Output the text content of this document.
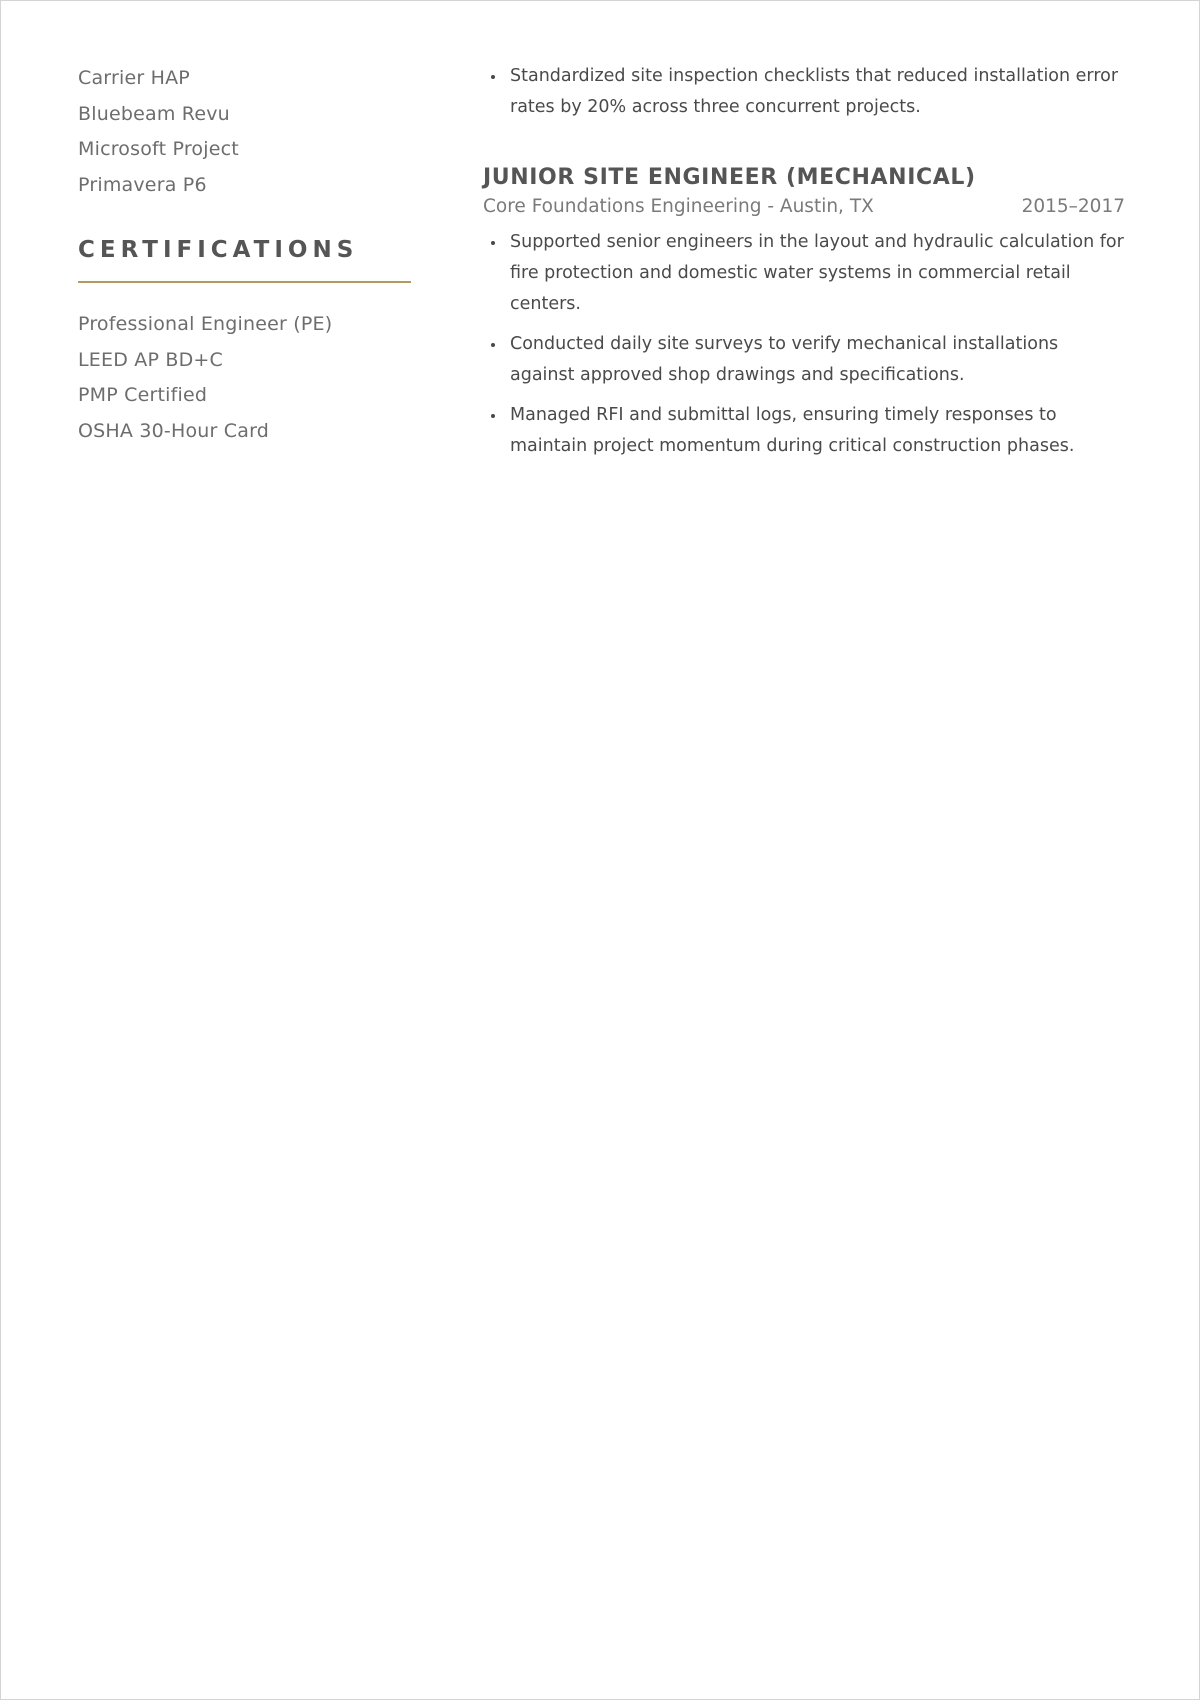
Carrier HAP
Bluebeam Revu
Microsoft Project
Primavera P6
CERTIFICATIONS
Professional Engineer (PE)
LEED AP BD+C
PMP Certified
OSHA 30-Hour Card
Standardized site inspection checklists that reduced installation error rates by 20% across three concurrent projects.
JUNIOR SITE ENGINEER (MECHANICAL)
Core Foundations Engineering - Austin, TX	2015–2017
Supported senior engineers in the layout and hydraulic calculation for fire protection and domestic water systems in commercial retail centers.
Conducted daily site surveys to verify mechanical installations against approved shop drawings and specifications.
Managed RFI and submittal logs, ensuring timely responses to maintain project momentum during critical construction phases.
